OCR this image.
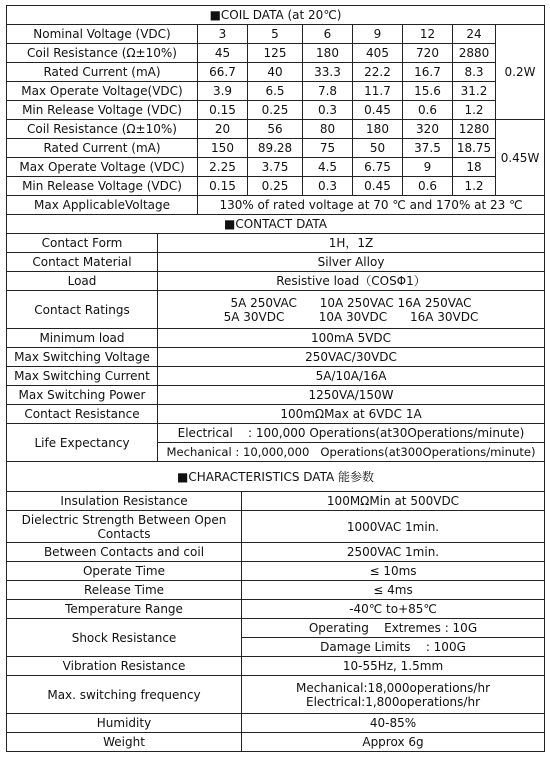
■COIL DATA (at 20℃)							
Nominal Voltage (VDC)	3	5	6	9	12	24	0.2W
Coil Resistance (Ω±10%)	45	125	180	405	720	2880	
Rated Current (mA)	66.7	40	33.3	22.2	16.7	8.3	
Max Operate Voltage(VDC)	3.9	6.5	7.8	11.7	15.6	31.2	
Min Release Voltage (VDC)	0.15	0.25	0.3	0.45	0.6	1.2	
Coil Resistance (Ω±10%)	20	56	80	180	320	1280	0.45W
Rated Current (mA)	150	89.28	75	50	37.5	18.75	
Max Operate Voltage (VDC)	2.25	3.75	4.5	6.75	9	18	
Min Release Voltage (VDC)	0.15	0.25	0.3	0.45	0.6	1.2	
Max ApplicableVoltage	130% of rated voltage at 70 ℃ and 170% at 23 ℃						
■CONTACT DATA	
Contact Form	1H，1Z
Contact Material	Silver Alloy
Load	Resistive load（COSΦ1）
Contact Ratings	5A 250VAC      10A 250VAC 16A 250VAC
5A 30VDC         10A 30VDC      16A 30VDC

Minimum load	100mA 5VDC
Max Switching Voltage	250VAC/30VDC
Max Switching Current	5A/10A/16A
Max Switching Power	1250VA/150W
Contact Resistance	100mΩMax at 6VDC 1A
Life Expectancy	Electrical    : 100,000 Operations(at30Operations/minute)
Mechanical : 10,000,000   Operations(at300Operations/minute)
■CHARACTERISTICS DATA 能参数	
Insulation Resistance	100MΩMin at 500VDC
Dielectric Strength Between Open Contacts	1000VAC 1min.
Between Contacts and coil	2500VAC 1min.
Operate Time	≤ 10ms
Release Time	≤ 4ms
Temperature Range	-40℃ to+85℃
Shock Resistance	Operating    Extremes : 10G
Damage Limits    : 100G

Vibration Resistance	10-55Hz, 1.5mm
Max. switching frequency	Mechanical:18,000operations/hr
Electrical:1,800operations/hr

Humidity	40-85%
Weight	Approx 6g
